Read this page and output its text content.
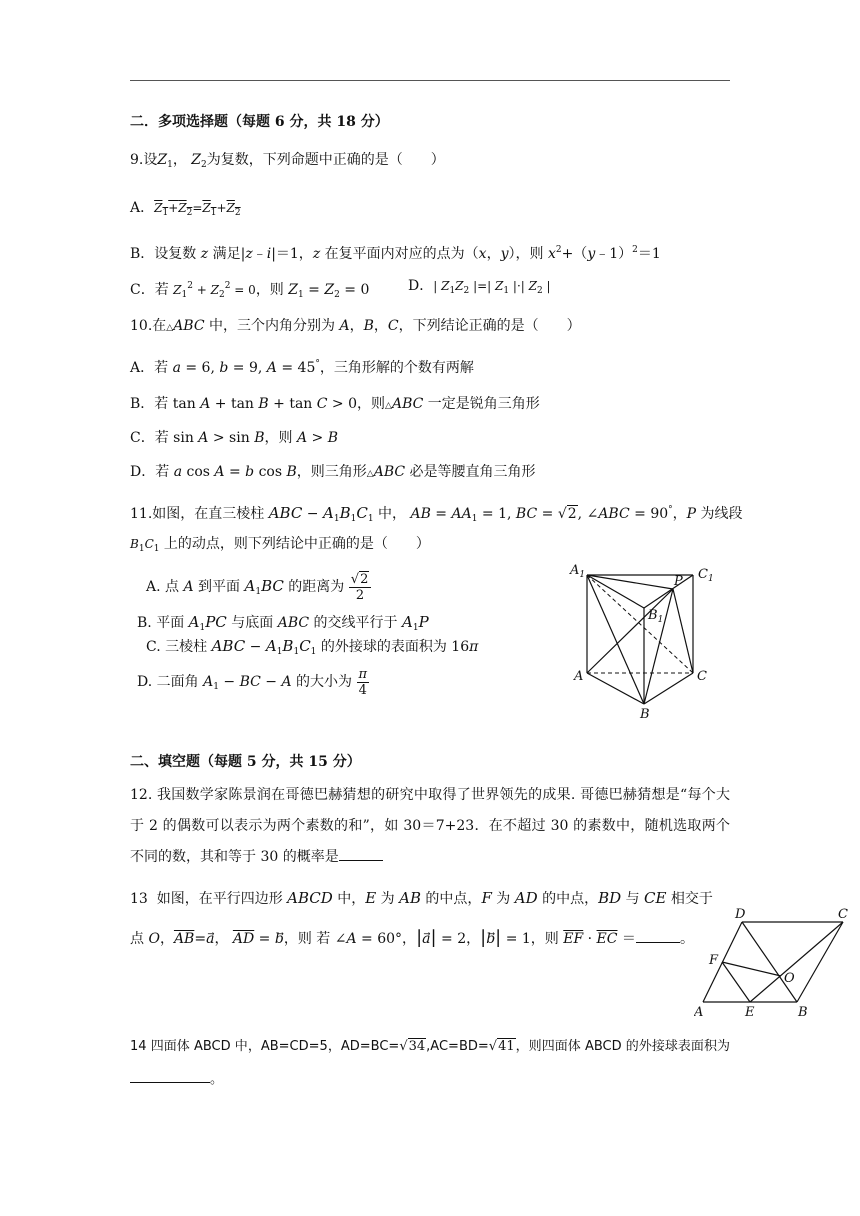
二．多项选择题（每题 6 分，共 18 分）
9.设$Z_1$， $Z_2$为复数，下列命题中正确的是（　　）
A．$Z_1+Z_2=Z_1+Z_2$
B．设复数 z 满足|z﹣i|＝1，z 在复平面内对应的点为（x，y），则 $x^2+(y﹣1)^2=1$
C．若 $Z_1^2 + Z_2^2 = 0$，则 $Z_1 = Z_2 = 0$	D．| $Z_1Z_2$ |=| $Z_1$ |·| $Z_2$ |
10.在△ABC 中，三个内角分别为 A，B，C，下列结论正确的是（　　）
A．若 a = 6, b = 9, A = 45°，三角形解的个数有两解
B．若 tan A + tan B + tan C > 0，则△ABC 一定是锐角三角形
C．若 sin A > sin B，则 A > B
D．若 a cos A = b cos B，则三角形△ABC 必是等腰直角三角形
11.如图，在直三棱柱 ABC − $A_1B_1C_1$ 中， AB = $AA_1 = 1$, BC = √2, ∠ABC = 90°，P 为线段
$B_1C_1$ 上的动点，则下列结论中正确的是（　　）
A. 点 A 到平面 $A_1BC$ 的距离为 $\frac{√2}{2}$
B. 平面 $A_1PC$ 与底面 ABC 的交线平行于 $A_1P$
C. 三棱柱 ABC − $A_1B_1C_1$ 的外接球的表面积为 16π
D. 二面角 $A_1$ − BC − A 的大小为 $\frac{\pi}{4}$
$A_1$	$C_1$
$B_1$
P
A	C
B
二、填空题（每题 5 分，共 15 分）
12. 我国数学家陈景润在哥德巴赫猜想的研究中取得了世界领先的成果. 哥德巴赫猜想是“每个大于 2 的偶数可以表示为两个素数的和”，如 30＝7+23．在不超过 30 的素数中，随机选取两个不同的数，其和等于 30 的概率是
13  如图，在平行四边形 ABCD 中，E 为 AB 的中点，F 为 AD 的中点，BD 与 CE 相交于
点 O，$\overline{AB}=a⃗$， $\overline{AD}$ = b⃗，则 若 ∠A = 60°，|a| = 2，|b| = 1，则 $\overline{EF} \cdot \overline{EC}$ ＝	。
D	C
F
O
A	E	B
14 四面体 ABCD 中，AB=CD=5，AD=BC=√34,AC=BD=√41，则四面体 ABCD 的外接球表面积为。
